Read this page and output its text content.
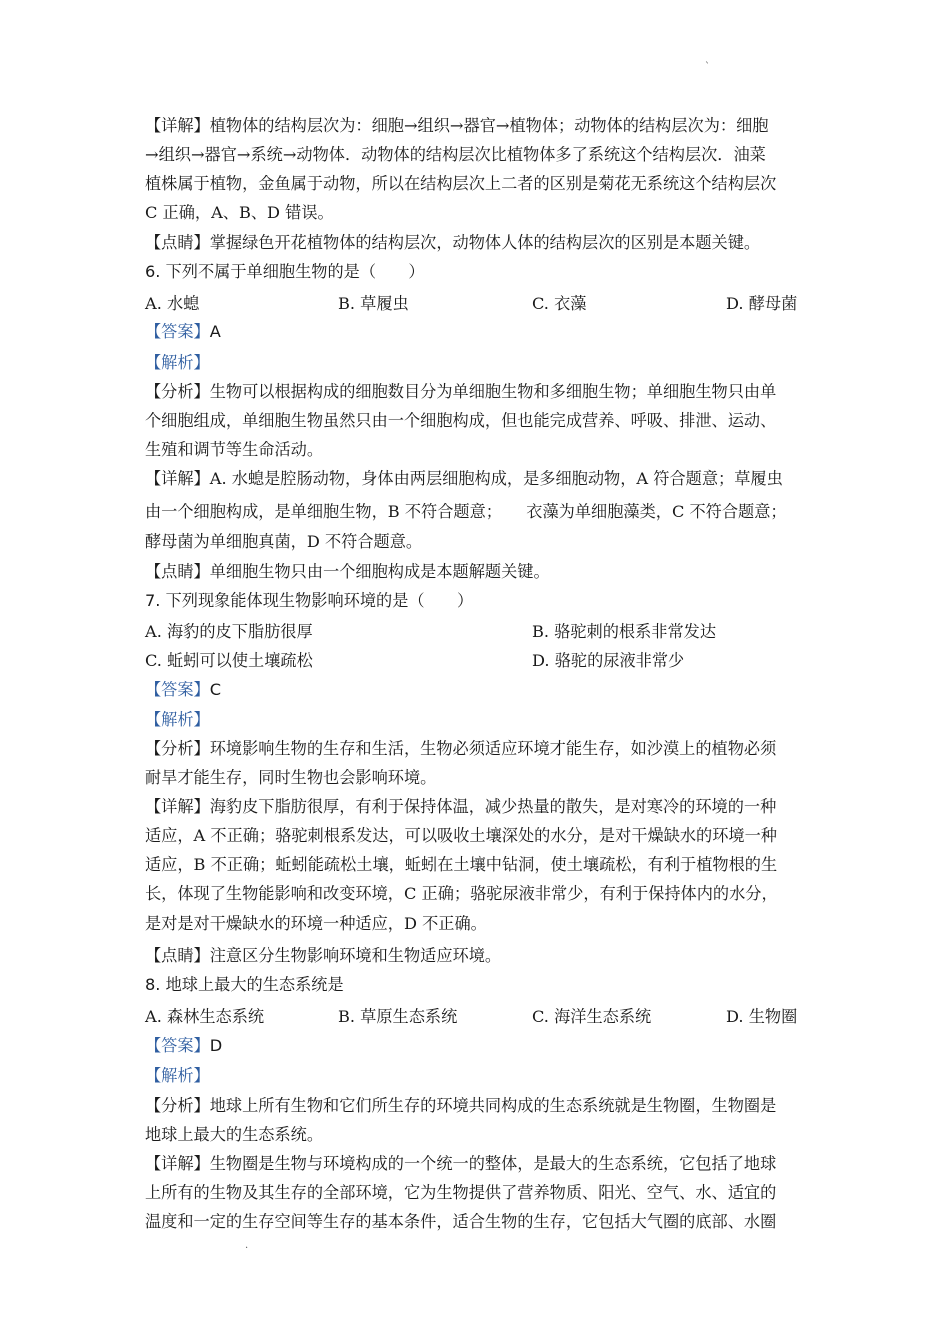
`
【详解】植物体的结构层次为：细胞→组织→器官→植物体；动物体的结构层次为：细胞
→组织→器官→系统→动物体．动物体的结构层次比植物体多了系统这个结构层次．油菜
植株属于植物，金鱼属于动物，所以在结构层次上二者的区别是菊花无系统这个结构层次
C 正确，A、B、D 错误。
【点睛】掌握绿色开花植物体的结构层次，动物体人体的结构层次的区别是本题关键。
6. 下列不属于单细胞生物的是（　　）
A. 水螅	B. 草履虫	C. 衣藻	D. 酵母菌
【答案】A
【解析】
【分析】生物可以根据构成的细胞数目分为单细胞生物和多细胞生物；单细胞生物只由单
个细胞组成，单细胞生物虽然只由一个细胞构成，但也能完成营养、呼吸、排泄、运动、
生殖和调节等生命活动。
【详解】A. 水螅是腔肠动物，身体由两层细胞构成，是多细胞动物，A 符合题意；草履虫
由一个细胞构成，是单细胞生物，B 不符合题意；　　衣藻为单细胞藻类，C 不符合题意；
酵母菌为单细胞真菌，D 不符合题意。
【点睛】单细胞生物只由一个细胞构成是本题解题关键。
7. 下列现象能体现生物影响环境的是（　　）
A. 海豹的皮下脂肪很厚	B. 骆驼刺的根系非常发达
C. 蚯蚓可以使土壤疏松	D. 骆驼的尿液非常少
【答案】C
【解析】
【分析】环境影响生物的生存和生活，生物必须适应环境才能生存，如沙漠上的植物必须
耐旱才能生存，同时生物也会影响环境。
【详解】海豹皮下脂肪很厚，有利于保持体温，减少热量的散失，是对寒冷的环境的一种
适应，A 不正确；骆驼刺根系发达，可以吸收土壤深处的水分，是对干燥缺水的环境一种
适应，B 不正确；蚯蚓能疏松土壤，蚯蚓在土壤中钻洞，使土壤疏松，有利于植物根的生
长，体现了生物能影响和改变环境，C 正确；骆驼尿液非常少，有利于保持体内的水分，
是对是对干燥缺水的环境一种适应，D 不正确。
【点睛】注意区分生物影响环境和生物适应环境。
8. 地球上最大的生态系统是
A. 森林生态系统	B. 草原生态系统	C. 海洋生态系统	D. 生物圈
【答案】D
【解析】
【分析】地球上所有生物和它们所生存的环境共同构成的生态系统就是生物圈，生物圈是
地球上最大的生态系统。
【详解】生物圈是生物与环境构成的一个统一的整体，是最大的生态系统，它包括了地球
上所有的生物及其生存的全部环境，它为生物提供了营养物质、阳光、空气、水、适宜的
温度和一定的生存空间等生存的基本条件，适合生物的生存，它包括大气圈的底部、水圈
.
